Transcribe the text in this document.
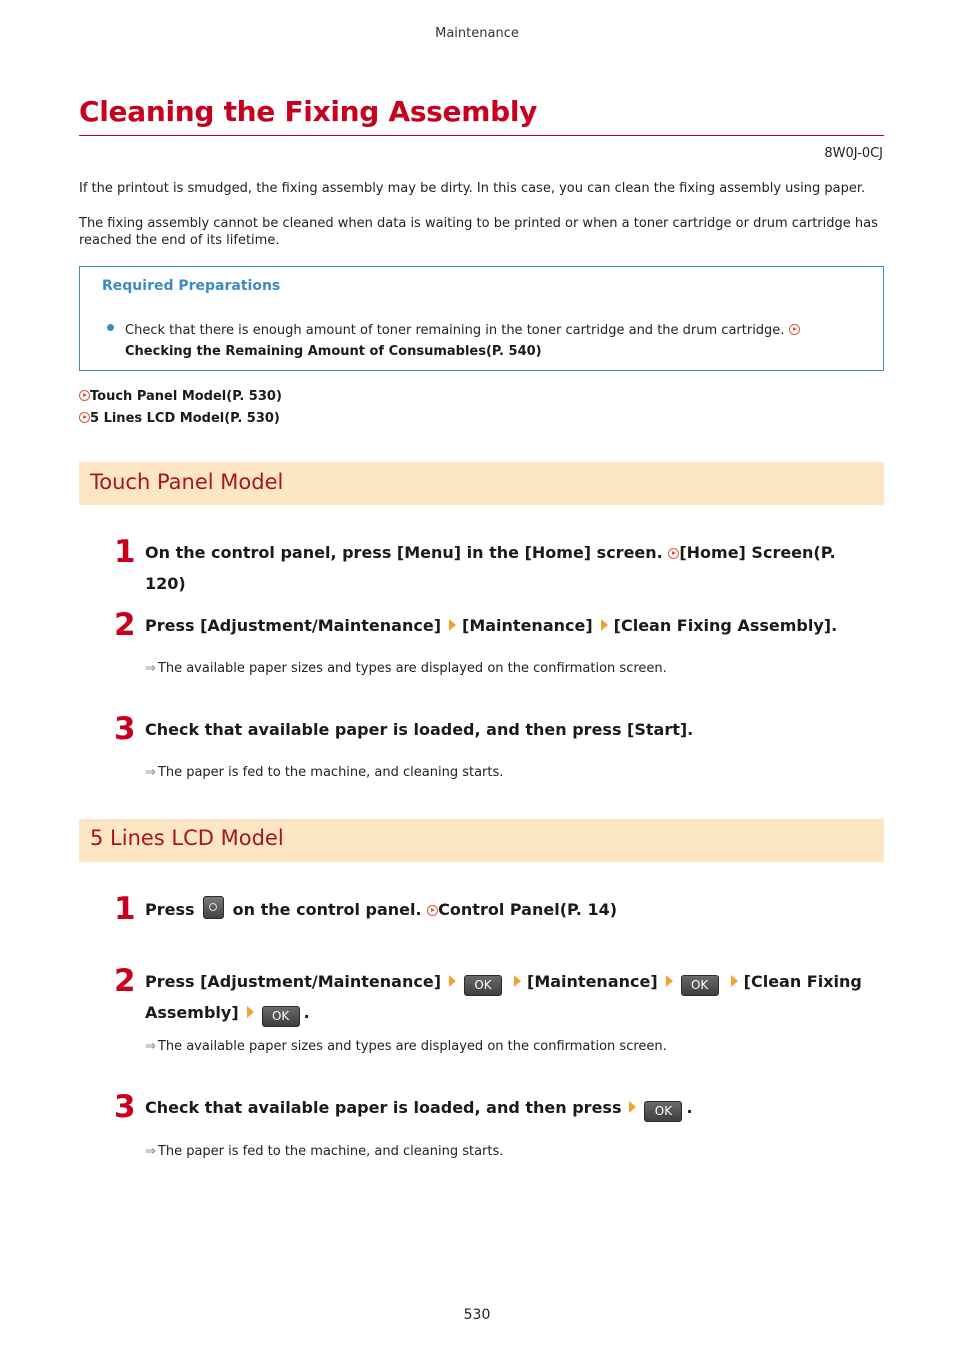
Maintenance
Cleaning the Fixing Assembly
8W0J-0CJ
If the printout is smudged, the fixing assembly may be dirty. In this case, you can clean the fixing assembly using paper.
The fixing assembly cannot be cleaned when data is waiting to be printed or when a toner cartridge or drum cartridge has reached the end of its lifetime.
Required Preparations
Check that there is enough amount of toner remaining in the toner cartridge and the drum cartridge.
Checking the Remaining Amount of Consumables(P. 540)
Touch Panel Model(P. 530)
5 Lines LCD Model(P. 530)
Touch Panel Model
1 On the control panel, press [Menu] in the [Home] screen. [Home] Screen(P. 120)
2 Press [Adjustment/Maintenance] [Maintenance] [Clean Fixing Assembly].
⇒ The available paper sizes and types are displayed on the confirmation screen.
3 Check that available paper is loaded, and then press [Start].
⇒ The paper is fed to the machine, and cleaning starts.
5 Lines LCD Model
1 Press on the control panel. Control Panel(P. 14)
2 Press [Adjustment/Maintenance]	OK [Maintenance]	OK [Clean Fixing
Assembly]	OK .
⇒ The available paper sizes and types are displayed on the confirmation screen.
3 Check that available paper is loaded, and then press	OK .
⇒ The paper is fed to the machine, and cleaning starts.
530
